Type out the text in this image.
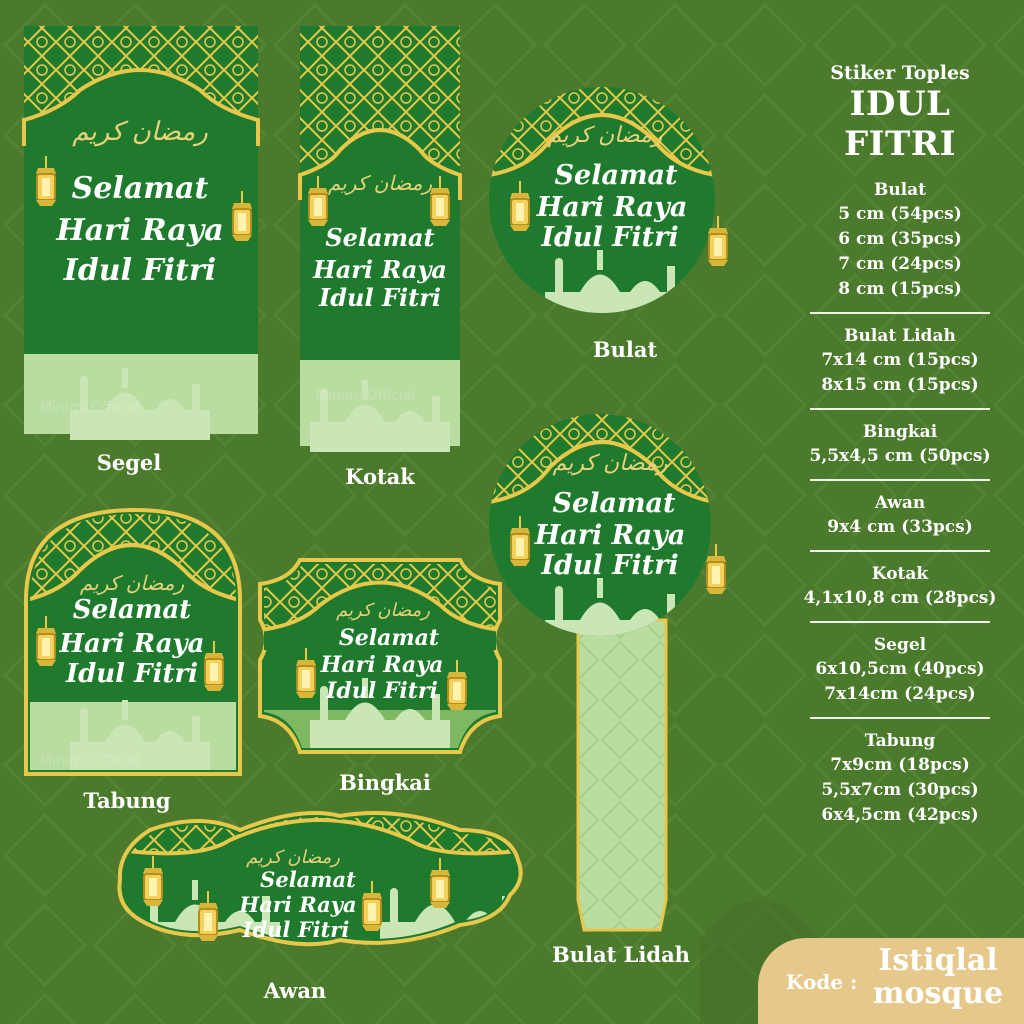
رمضان كريم
Selamat
Hari Raya
Idul Fitri
Minimi Official
رمضان كريم
Selamat
Hari Raya
Idul Fitri
Minimi Official
رمضان كريم
Selamat
Hari Raya
Idul Fitri
رمضان كريم
Selamat
Hari Raya
Idul Fitri
رمضان كريم
Selamat
Hari Raya
Idul Fitri
Minimi Official
رمضان كريم
Selamat
Hari Raya
Idul Fitri
رمضان كريم
Selamat
Hari Raya
Idul Fitri
Segel
Kotak
Bulat
Tabung
Bingkai
Awan
Bulat Lidah

Stiker Toples

IDUL FITRI

Bulat
5 cm (54pcs)
6 cm (35pcs)
7 cm (24pcs)
8 cm (15pcs)
Bulat Lidah
7x14 cm (15pcs)
8x15 cm (15pcs)
Bingkai
5,5x4,5 cm (50pcs)
Awan
9x4 cm (33pcs)
Kotak
4,1x10,8 cm (28pcs)
Segel
6x10,5cm (40pcs)
7x14cm (24pcs)
Tabung
7x9cm (18pcs)
5,5x7cm (30pcs)
6x4,5cm (42pcs)
Kode :
Istiqlal mosque
